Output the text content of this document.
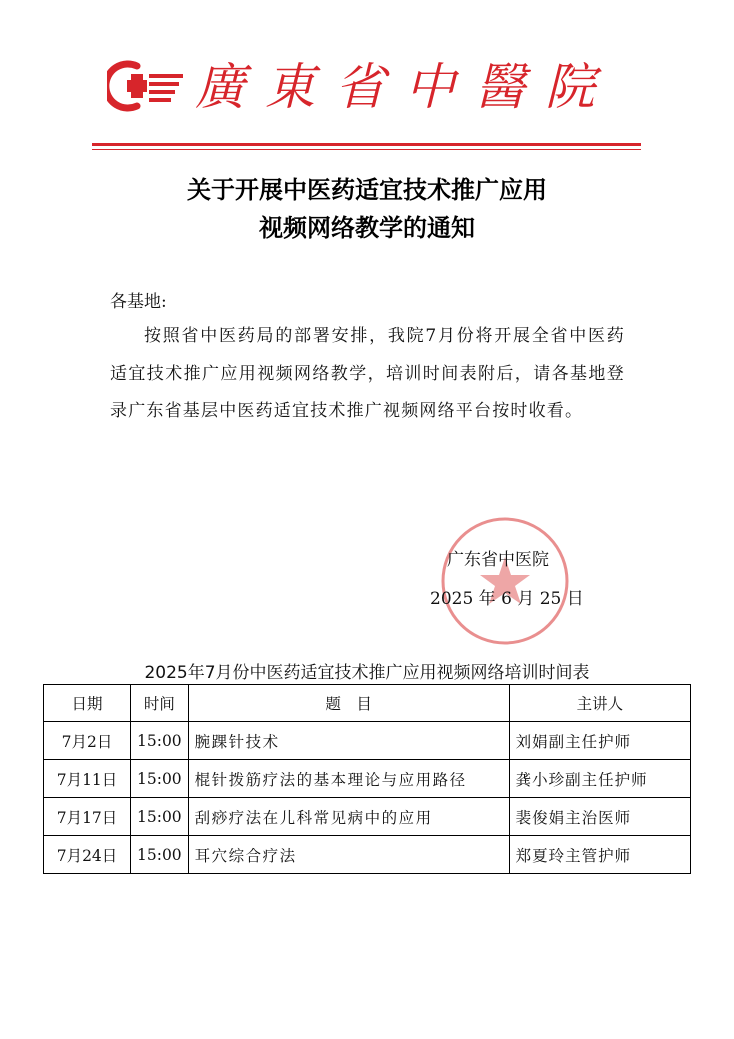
廣東省中醫院
关于开展中医药适宜技术推广应用
视频网络教学的通知
各基地:
按照省中医药局的部署安排，我院7月份将开展全省中医药适宜技术推广应用视频网络教学，培训时间表附后，请各基地登录广东省基层中医药适宜技术推广视频网络平台按时收看。
广东省中医院
2025 年 6 月 25 日
2025年7月份中医药适宜技术推广应用视频网络培训时间表
日期	时间	题　目	主讲人
7月2日	15:00	腕踝针技术	刘娟副主任护师
7月11日	15:00	棍针拨筋疗法的基本理论与应用路径	龚小珍副主任护师
7月17日	15:00	刮痧疗法在儿科常见病中的应用	裴俊娟主治医师
7月24日	15:00	耳穴综合疗法	郑夏玲主管护师
